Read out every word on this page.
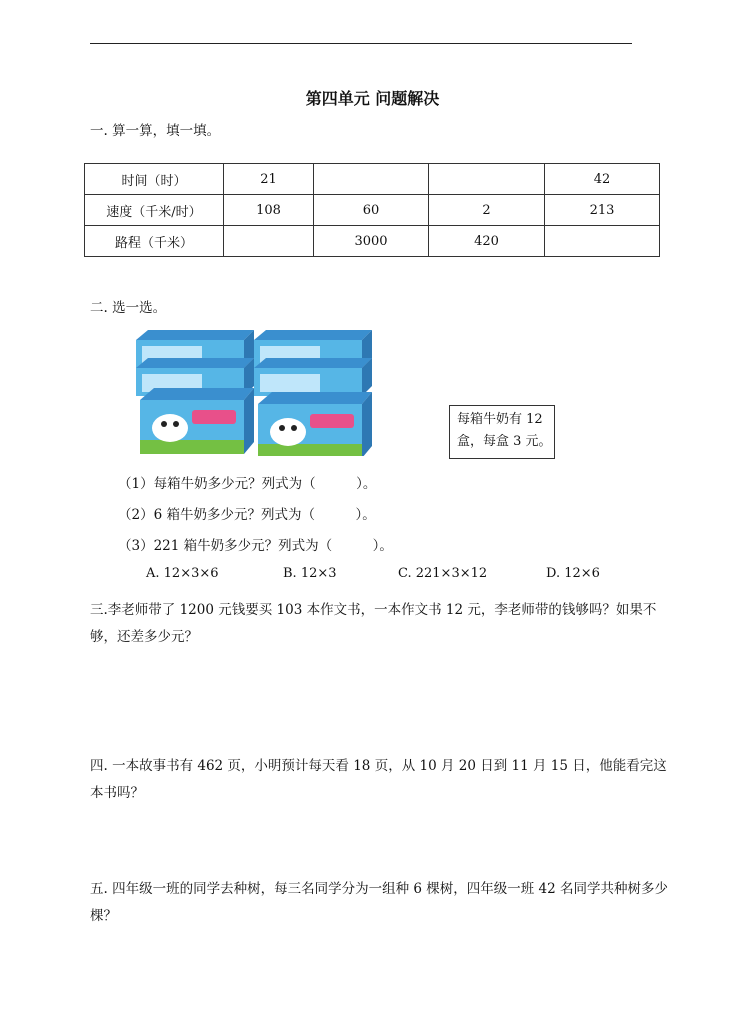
第四单元 问题解决
一. 算一算，填一填。
时间（时）	21			42
速度（千米/时）	108	60	2	213
路程（千米）		3000	420	
二. 选一选。
每箱牛奶有 12
盒，每盒 3 元。
（1）每箱牛奶多少元？列式为（　　　）。
（2）6 箱牛奶多少元？列式为（　　　）。
（3）221 箱牛奶多少元？列式为（　　　）。
A. 12×3×6	B. 12×3	C. 221×3×12	D. 12×6
三.李老师带了 1200 元钱要买 103 本作文书，一本作文书 12 元，李老师带的钱够吗？如果不够，还差多少元？
四. 一本故事书有 462 页，小明预计每天看 18 页，从 10 月 20 日到 11 月 15 日，他能看完这本书吗？
五. 四年级一班的同学去种树，每三名同学分为一组种 6 棵树，四年级一班 42 名同学共种树多少棵？
